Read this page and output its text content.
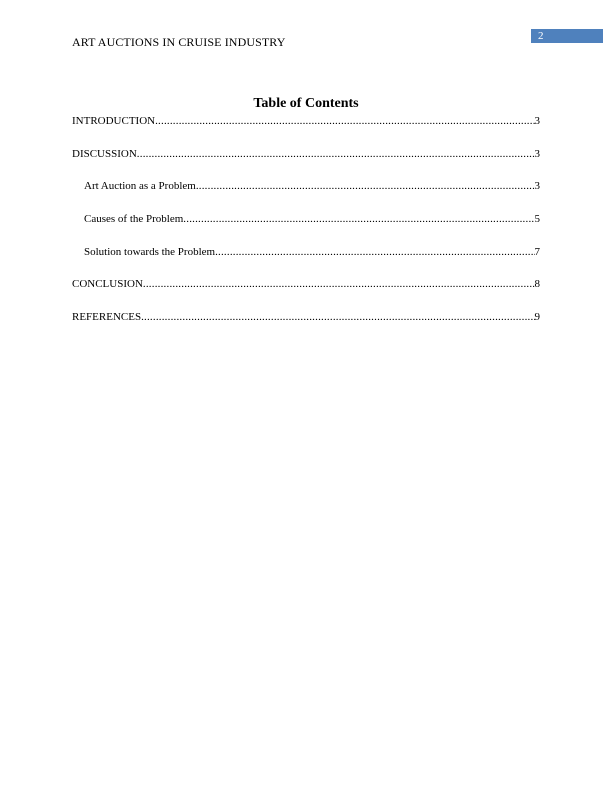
ART AUCTIONS IN CRUISE INDUSTRY	2
Table of Contents
INTRODUCTION .....	3
DISCUSSION .....	3
Art Auction as a Problem .....	3
Causes of the Problem .....	5
Solution towards the Problem .....	7
CONCLUSION .....	8
REFERENCES .....	9
